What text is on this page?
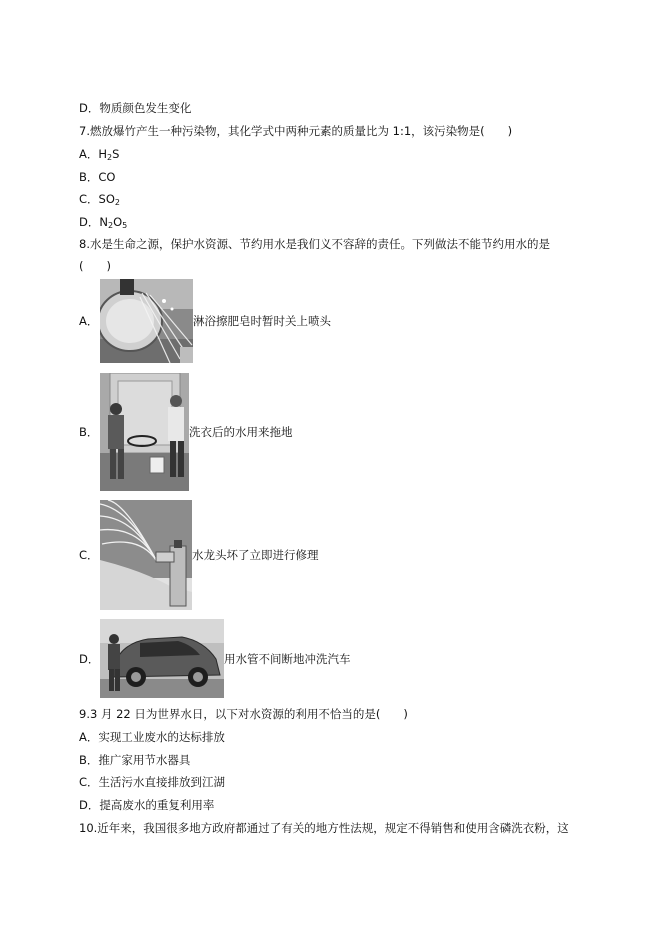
D．物质颜色发生变化
7.燃放爆竹产生一种污染物，其化学式中两种元素的质量比为 1:1，该污染物是(　　)
A．$H_2S$
B．CO
C．$SO_2$
D．$N_2O_5$
8.水是生命之源，保护水资源、节约用水是我们义不容辞的责任。下列做法不能节约用水的是
(　　)
A．	淋浴擦肥皂时暂时关上喷头
B．	洗衣后的水用来拖地
C．	水龙头坏了立即进行修理
D．	用水管不间断地冲洗汽车
9.3 月 22 日为世界水日，以下对水资源的利用不恰当的是(　　)
A．实现工业废水的达标排放
B．推广家用节水器具
C．生活污水直接排放到江湖
D．提高废水的重复利用率
10.近年来，我国很多地方政府都通过了有关的地方性法规，规定不得销售和使用含磷洗衣粉，这
